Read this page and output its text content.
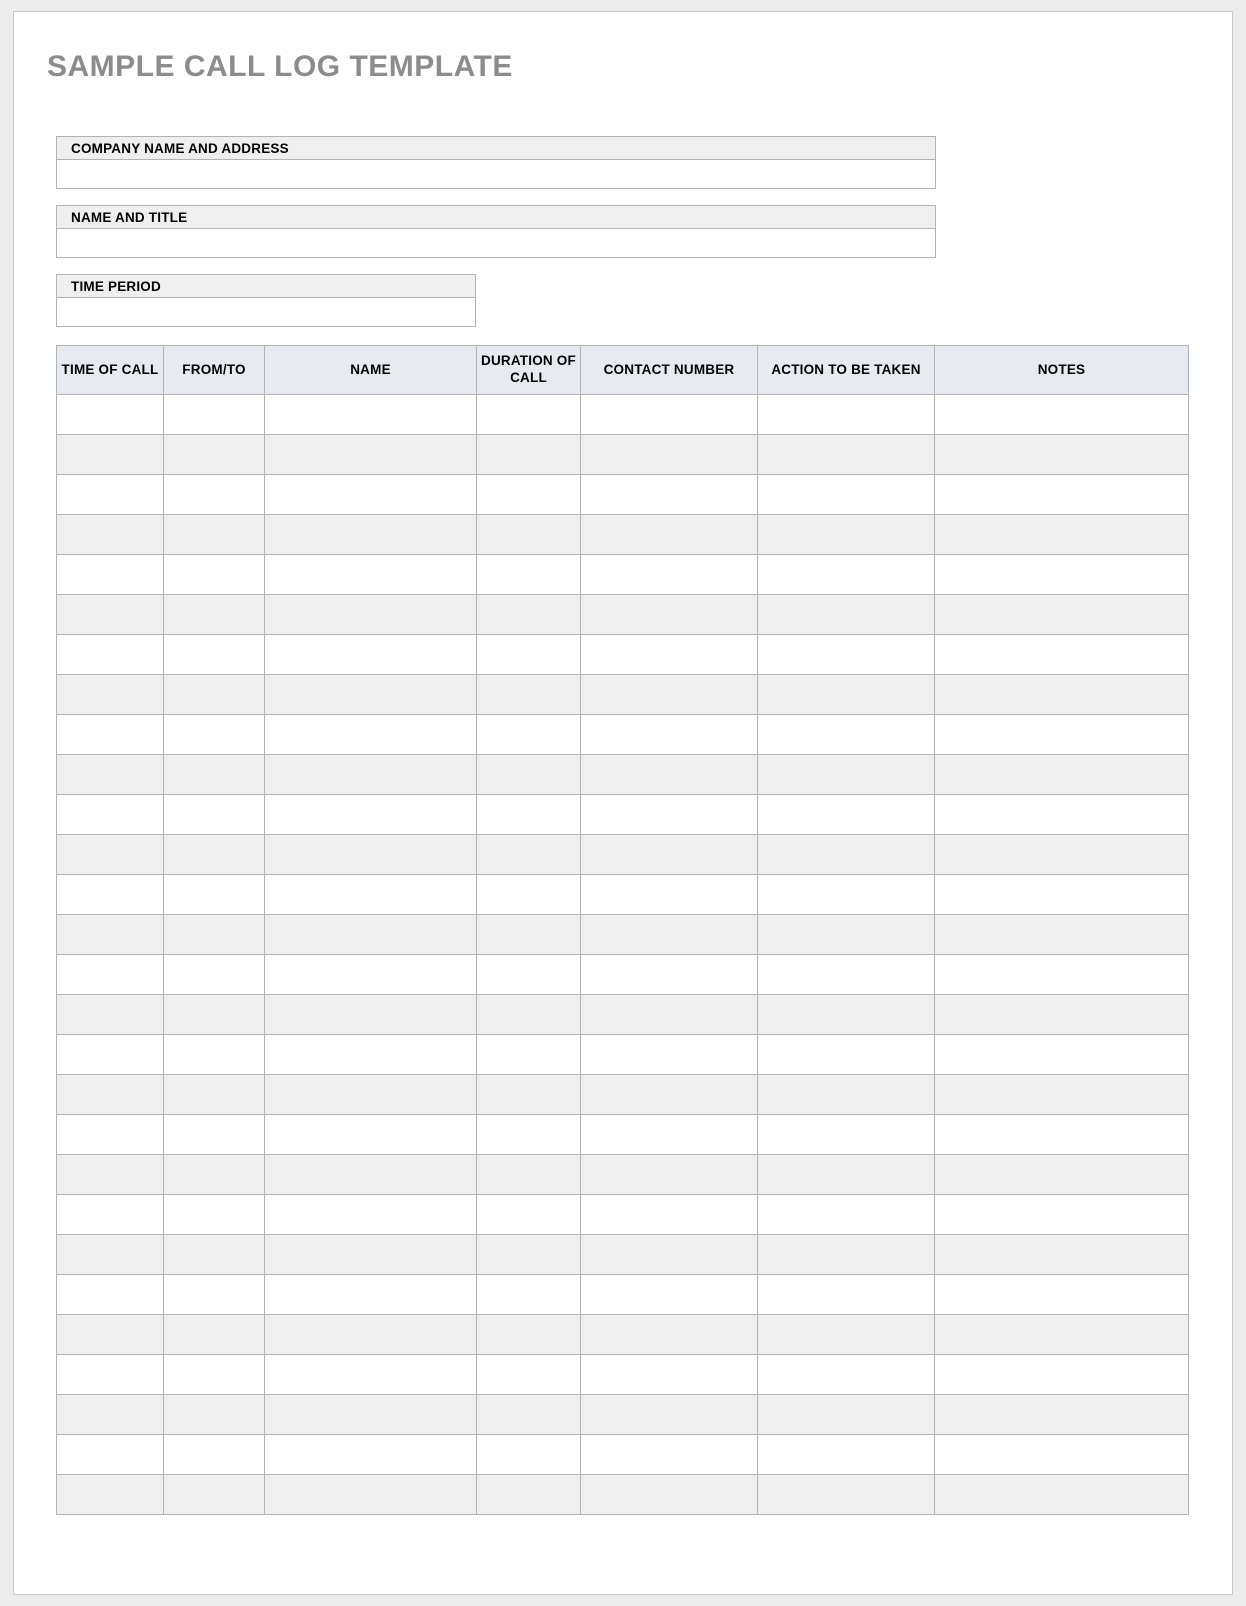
SAMPLE CALL LOG TEMPLATE
COMPANY NAME AND ADDRESS
NAME AND TITLE
TIME PERIOD
TIME OF CALL	FROM/TO	NAME	DURATION OF CALL	CONTACT NUMBER	ACTION TO BE TAKEN	NOTES
